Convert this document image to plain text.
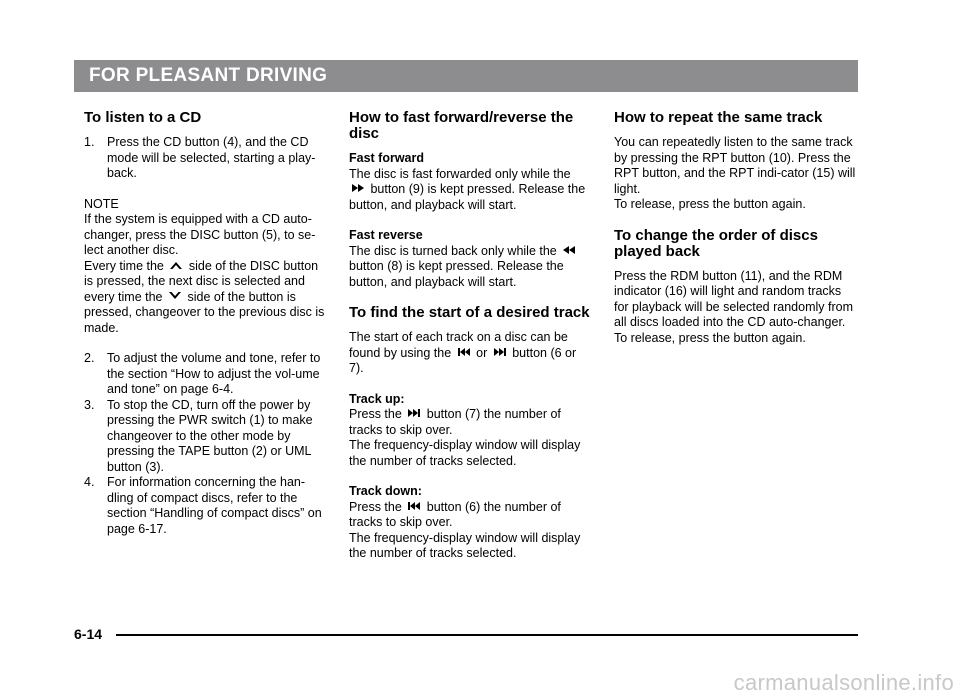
FOR PLEASANT DRIVING
To listen to a CD
1. Press the CD button (4), and the CD mode will be selected, starting a play-back.

NOTE

If the system is equipped with a CD auto-changer, press the DISC button (5), to se-lect another disc.

Every time the side of the DISC button is pressed, the next disc is selected and every time the side of the button is pressed, changeover to the previous disc is made.

2. To adjust the volume and tone, refer to the section “How to adjust the vol-ume and tone” on page 6-4.
3. To stop the CD, turn off the power by pressing the PWR switch (1) to make changeover to the other mode by pressing the TAPE button (2) or UML button (3).
4. For information concerning the han-dling of compact discs, refer to the section “Handling of compact discs” on page 6-17.
How to fast forward/reverse the disc

Fast forward

The disc is fast forwarded only while the
button (9) is kept pressed. Release the button, and playback will start.

Fast reverse

The disc is turned back only while the  button (8) is kept pressed. Release the button, and playback will start.

To find the start of a desired track

The start of each track on a disc can be found by using the or button (6 or 7).

Track up:

Press the button (7) the number of tracks to skip over.

The frequency-display window will display the number of tracks selected.

Track down:

Press the button (6) the number of tracks to skip over.

The frequency-display window will display the number of tracks selected.

How to repeat the same track

You can repeatedly listen to the same track by pressing the RPT button (10). Press the RPT button, and the RPT indi-cator (15) will light.

To release, press the button again.

To change the order of discs played back

Press the RDM button (11), and the RDM indicator (16) will light and random tracks for playback will be selected randomly from all discs loaded into the CD auto-changer. To release, press the button again.

6-14
carmanualsonline.info
